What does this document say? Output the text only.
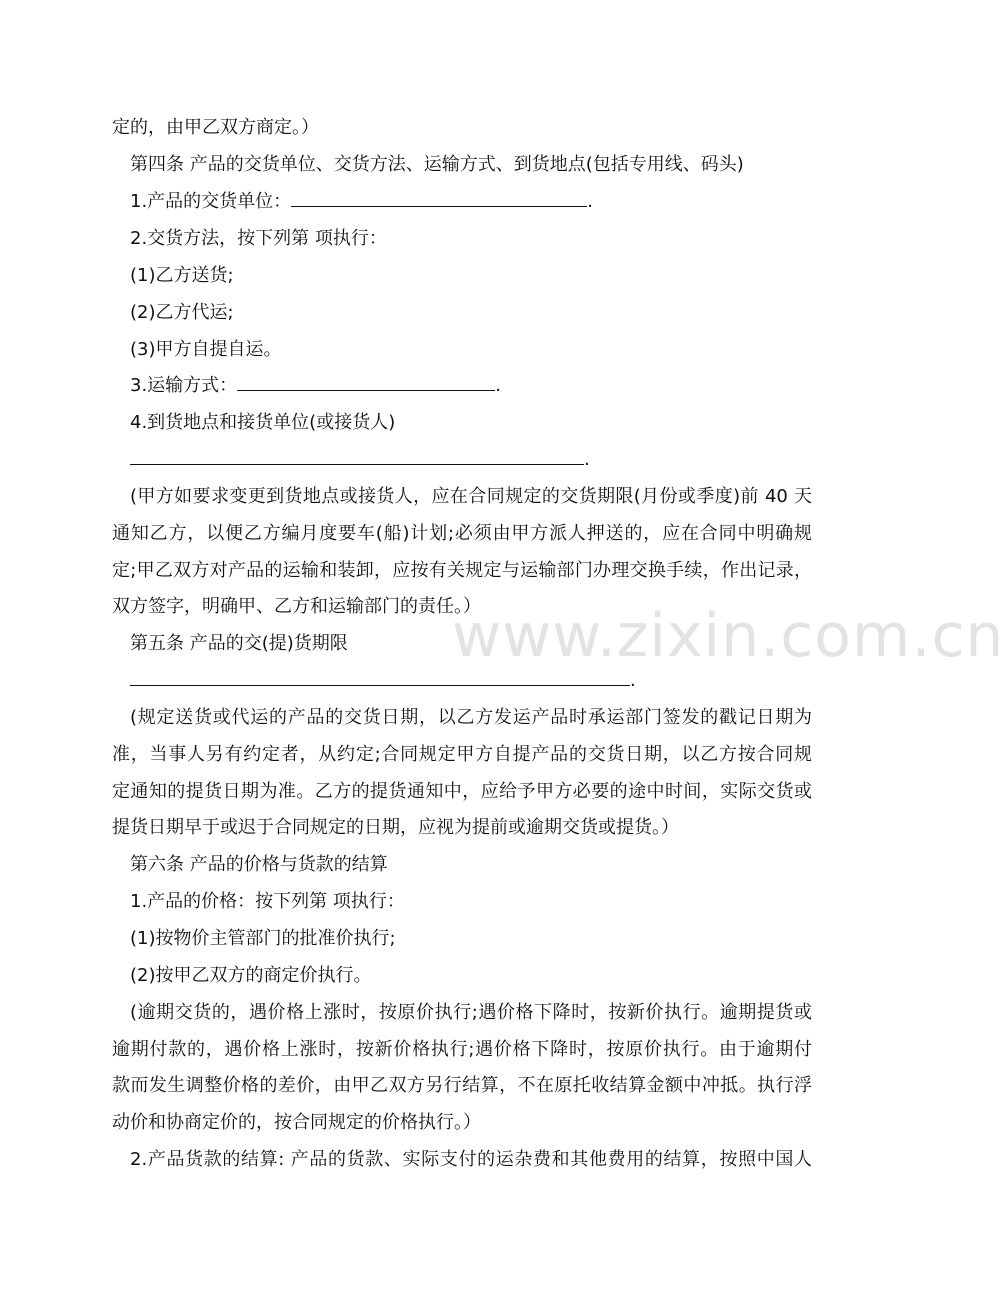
www.zixin.com.cn

定的，由甲乙双方商定。）

第四条 产品的交货单位、交货方法、运输方式、到货地点(包括专用线、码头)

1.产品的交货单位：	.

2.交货方法，按下列第 项执行：

(1)乙方送货;

(2)乙方代运;

(3)甲方自提自运。

3.运输方式：	.

4.到货地点和接货单位(或接货人)

.

(甲方如要求变更到货地点或接货人，应在合同规定的交货期限(月份或季度)前 40 天

通知乙方，以便乙方编月度要车(船)计划;必须由甲方派人押送的，应在合同中明确规

定;甲乙双方对产品的运输和装卸，应按有关规定与运输部门办理交换手续，作出记录，

双方签字，明确甲、乙方和运输部门的责任。）

第五条 产品的交(提)货期限

.

(规定送货或代运的产品的交货日期，以乙方发运产品时承运部门签发的戳记日期为

准，当事人另有约定者，从约定;合同规定甲方自提产品的交货日期，以乙方按合同规

定通知的提货日期为准。乙方的提货通知中，应给予甲方必要的途中时间，实际交货或

提货日期早于或迟于合同规定的日期，应视为提前或逾期交货或提货。）

第六条 产品的价格与货款的结算

1.产品的价格：按下列第 项执行：

(1)按物价主管部门的批准价执行;

(2)按甲乙双方的商定价执行。

(逾期交货的，遇价格上涨时，按原价执行;遇价格下降时，按新价执行。逾期提货或

逾期付款的，遇价格上涨时，按新价格执行;遇价格下降时，按原价执行。由于逾期付

款而发生调整价格的差价，由甲乙双方另行结算，不在原托收结算金额中冲抵。执行浮

动价和协商定价的，按合同规定的价格执行。）

2.产品货款的结算: 产品的货款、实际支付的运杂费和其他费用的结算，按照中国人
